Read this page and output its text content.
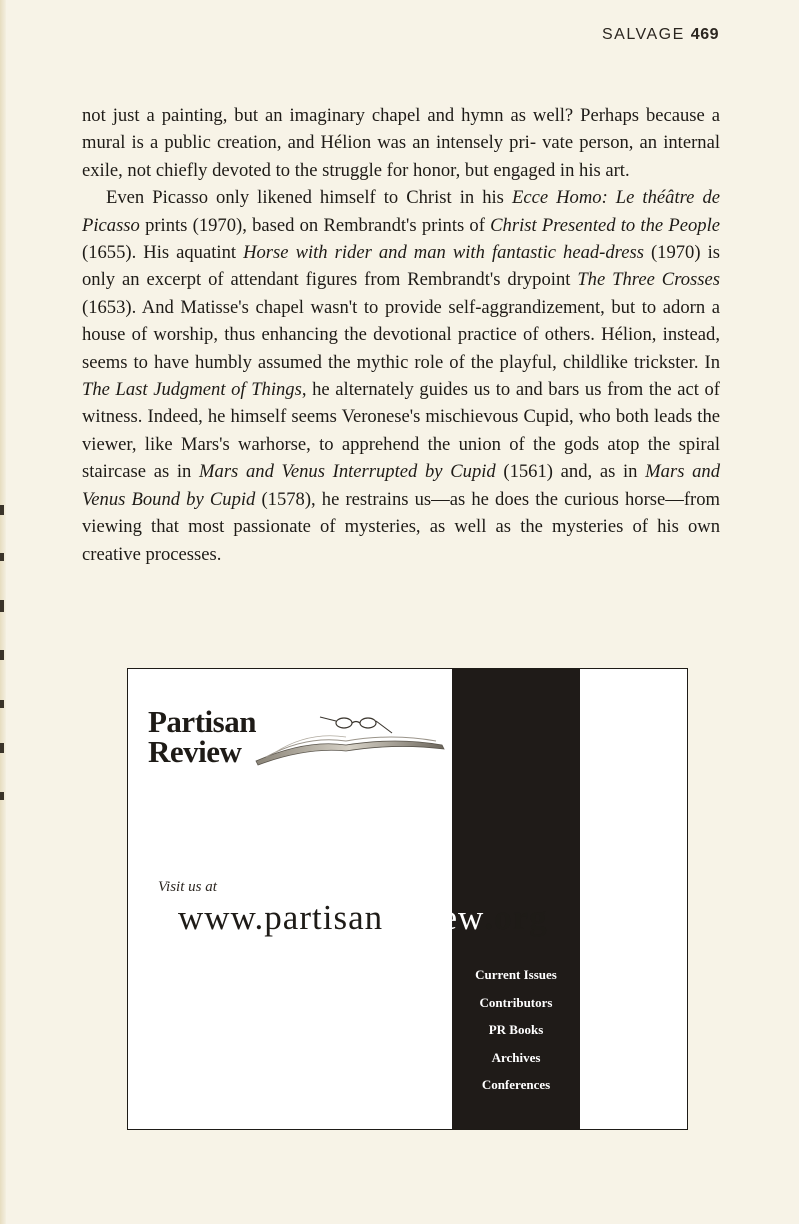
SALVAGE 469

not just a painting, but an imaginary chapel and hymn as well? Perhaps because a mural is a public creation, and Hélion was an intensely pri- vate person, an internal exile, not chiefly devoted to the struggle for honor, but engaged in his art.

Even Picasso only likened himself to Christ in his Ecce Homo: Le théâtre de Picasso prints (1970), based on Rembrandt's prints of Christ Presented to the People (1655). His aquatint Horse with rider and man with fantastic head-dress (1970) is only an excerpt of attendant figures from Rembrandt's drypoint The Three Crosses (1653). And Matisse's chapel wasn't to provide self-aggrandizement, but to adorn a house of worship, thus enhancing the devotional practice of others. Hélion, instead, seems to have humbly assumed the mythic role of the playful, childlike trickster. In The Last Judgment of Things, he alternately guides us to and bars us from the act of witness. Indeed, he himself seems Veronese's mischievous Cupid, who both leads the viewer, like Mars's warhorse, to apprehend the union of the gods atop the spiral staircase as in Mars and Venus Interrupted by Cupid (1561) and, as in Mars and Venus Bound by Cupid (1578), he restrains us—as he does the curious horse—from viewing that most passionate of mysteries, as well as the mysteries of his own creative processes.

Partisan
Review
Visit us at
www.partisanreview.org
Current Issues
Contributors
PR Books
Archives
Conferences
